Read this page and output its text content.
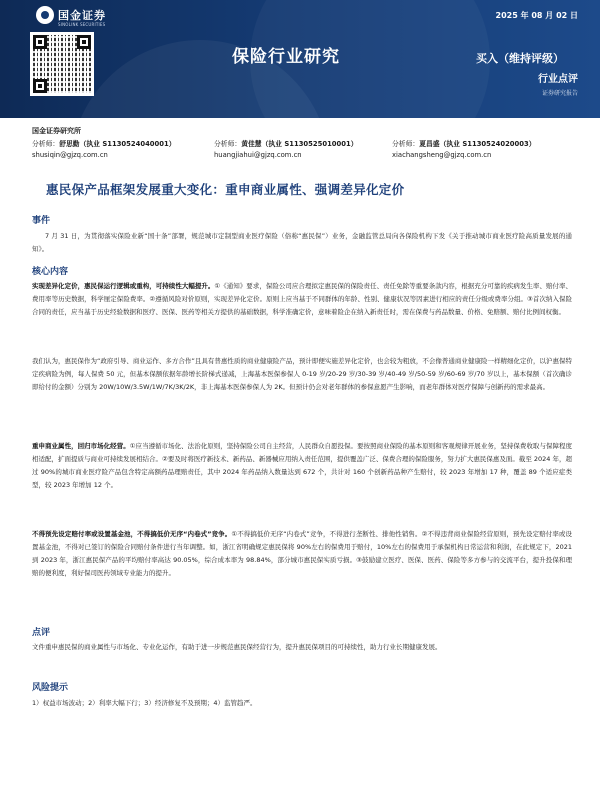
国金证券
SINOLINK SECURITIES
2025 年 08 月 02 日
保险行业研究	买入（维持评级）
行业点评
证券研究报告
国金证券研究所
分析师：舒思勤（执业 S1130524040001）
shusiqin@gjzq.com.cn
分析师：黄佳慧（执业 S1130525010001）
huangjiahui@gjzq.com.cn
分析师：夏昌盛（执业 S1130524020003）
xiachangsheng@gjzq.com.cn
惠民保产品框架发展重大变化：重申商业属性、强调差异化定价
事件
7 月 31 日，为贯彻落实保险业新“国十条”部署，规范城市定制型商业医疗保险（俗称“惠民保”）业务，金融监管总局向各保险机构下发《关于推动城市商业医疗险高质量发展的通知》。
核心内容
实现差异化定价，惠民保运行逻辑或重构，可持续性大幅提升。①《通知》要求，保险公司应合理拟定惠民保的保险责任、责任免除等重要条款内容，根据充分可靠的疾病发生率、赔付率、费用率等历史数据，科学厘定保险费率。②遵循风险对价原则，实现差异化定价。原则上应当基于不同群体的年龄、性别、健康状况等因素进行相应的责任分级或费率分组。③首次纳入保险合同的责任，应当基于历史经验数据和医疗、医保、医药等相关方提供的基础数据，科学准确定价，意味着险企在纳入新责任时，需在保费与药品数量、价格、免赔额、赔付比例间权衡。
我们认为，惠民保作为“政府引导、商业运作、多方合作”且具有普惠性质的商业健康险产品，预计即便实施差异化定价，也会较为粗放，不会像普通商业健康险一样精细化定价，以沪惠保特定疾病险为例，每人保费 50 元，但基本保额依据年龄增长阶梯式递减，上海基本医保参保人 0-19 岁/20-29 岁/30-39 岁/40-49 岁/50-59 岁/60-69 岁/70 岁以上，基本保额（首次确诊即给付的金额）分别为 20W/10W/3.5W/1W/7K/3K/2K，非上海基本医保参保人为 2K。但预计仍会对老年群体的参保意愿产生影响，而老年群体对医疗保障与创新药的需求最高。
重申商业属性，回归市场化经营。①应当遵循市场化、法治化原则，坚持保险公司自主经营，人民群众自愿投保。要按照商业保险的基本原则和客观规律开展业务，坚持保费收取与保障程度相适配，扩面提质与商业可持续发展相结合。②要及时将医疗新技术、新药品、新器械应用纳入责任范围，提供覆盖广泛、保费合理的保险服务，努力扩大惠民保惠及面。截至 2024 年，超过 90%的城市商业医疗险产品包含特定高额药品理赔责任，其中 2024 年药品纳入数量达到 672 个，共计对 160 个创新药品种产生赔付，较 2023 年增加 17 种，覆盖 89 个适应症类型，较 2023 年增加 12 个。
不得预先设定赔付率或设置基金池，不得搞低价无序“内卷式”竞争。①不得搞低价无序“内卷式”竞争，不得进行垄断性、排他性销售。②不得违背商业保险经营原则，预先设定赔付率或设置基金池，不得对已签订的保险合同赔付条件进行当年调整。如，浙江省明确规定惠民保将 90%左右的保费用于赔付，10%左右的保费用于承保机构日常运营和利润，在此规定下，2021 到 2023 年，浙江惠民保产品的平均赔付率高达 90.05%，综合成本率为 98.84%，部分城市惠民保实质亏损。③鼓励建立医疗、医保、医药、保险等多方参与的交流平台，提升投保和理赔的便利度，利好保司医药领域专业能力的提升。
点评
文件重申惠民保的商业属性与市场化、专业化运作，有助于进一步规范惠民保经营行为，提升惠民保项目的可持续性，助力行业长期健康发展。
风险提示
1）权益市场波动；2）利率大幅下行；3）经济修复不及预期；4）监管趋严。
